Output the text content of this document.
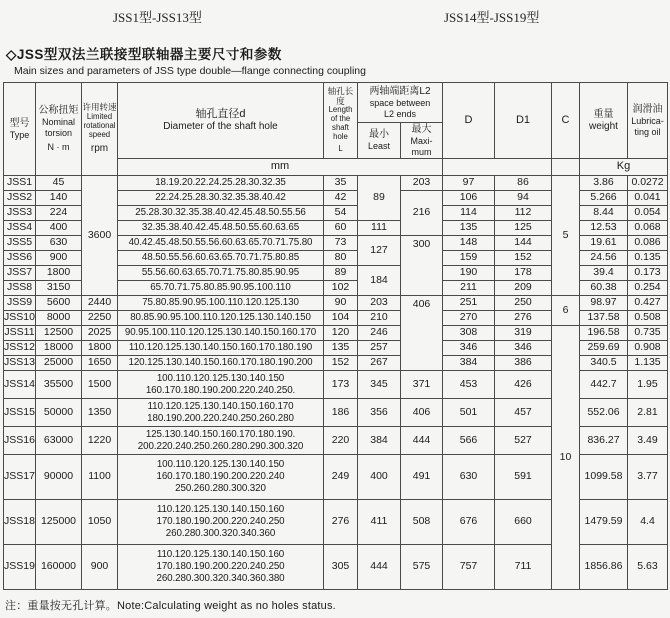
JSS1型-JSS13型	JSS14型-JSS19型
◇JSS型双法兰联接型联轴器主要尺寸和参数
Main sizes and parameters of JSS type double—flange connecting coupling
型号
Type	公称扭矩
Nominal
torsion
N · m	许用转速
Limited
rotational
speed
rpm	轴孔直径d
Diameter of the shaft hole	轴孔长度
Length
of the
shaft hole
L	两轴端距离L2
space between
L2 ends		D	D1	C	重量
weight	润滑油
Lubrica-
ting oil

					最小
Least	最大
Maxi-
mum					

			mm							Kg	
JSS1	45	3600	18.19.20.22.24.25.28.30.32.35	35	89	203	97	86	5	3.86	0.0272
JSS2	140		22.24.25.28.30.32.35.38.40.42	42		216	106	94		5.266	0.041
JSS3	224		25.28.30.32.35.38.40.42.45.48.50.55.56	54			114	112		8.44	0.054
JSS4	400		32.35.38.40.42.45.48.50.55.60.63.65	60	111		135	125		12.53	0.068
JSS5	630		40.42.45.48.50.55.56.60.63.65.70.71.75.80	73	127	300	148	144		19.61	0.086
JSS6	900		48.50.55.56.60.63.65.70.71.75.80.85	80			159	152		24.56	0.135
JSS7	1800		55.56.60.63.65.70.71.75.80.85.90.95	89	184		190	178		39.4	0.173
JSS8	3150		65.70.71.75.80.85.90.95.100.110	102			211	209		60.38	0.254
JSS9	5600	2440	75.80.85.90.95.100.110.120.125.130	90	203	406	251	250	6	98.97	0.427
JSS10	8000	2250	80.85.90.95.100.110.120.125.130.140.150	104	210		270	276		137.58	0.508
JSS11	12500	2025	90.95.100.110.120.125.130.140.150.160.170	120	246		308	319	10	196.58	0.735
JSS12	18000	1800	110.120.125.130.140.150.160.170.180.190	135	257		346	346		259.69	0.908
JSS13	25000	1650	120.125.130.140.150.160.170.180.190.200	152	267		384	386		340.5	1.135
JSS14	35500	1500	100.110.120.125.130.140.150
160.170.180.190.200.220.240.250.	173	345	371	453	426		442.7	1.95
JSS15	50000	1350	110.120.125.130.140.150.160.170
180.190.200.220.240.250.260.280	186	356	406	501	457		552.06	2.81
JSS16	63000	1220	125.130.140.150.160.170.180.190.
200.220.240.250.260.280.290.300.320	220	384	444	566	527		836.27	3.49
JSS17	90000	1100	100.110.120.125.130.140.150
160.170.180.190.200.220.240
250.260.280.300.320	249	400	491	630	591		1099.58	3.77
JSS18	125000	1050	110.120.125.130.140.150.160
170.180.190.200.220.240.250
260.280.300.320.340.360	276	411	508	676	660		1479.59	4.4
JSS19	160000	900	110.120.125.130.140.150.160
170.180.190.200.220.240.250
260.280.300.320.340.360.380	305	444	575	757	711		1856.86	5.63
注：重量按无孔计算。Note:Calculating weight as no holes status.
